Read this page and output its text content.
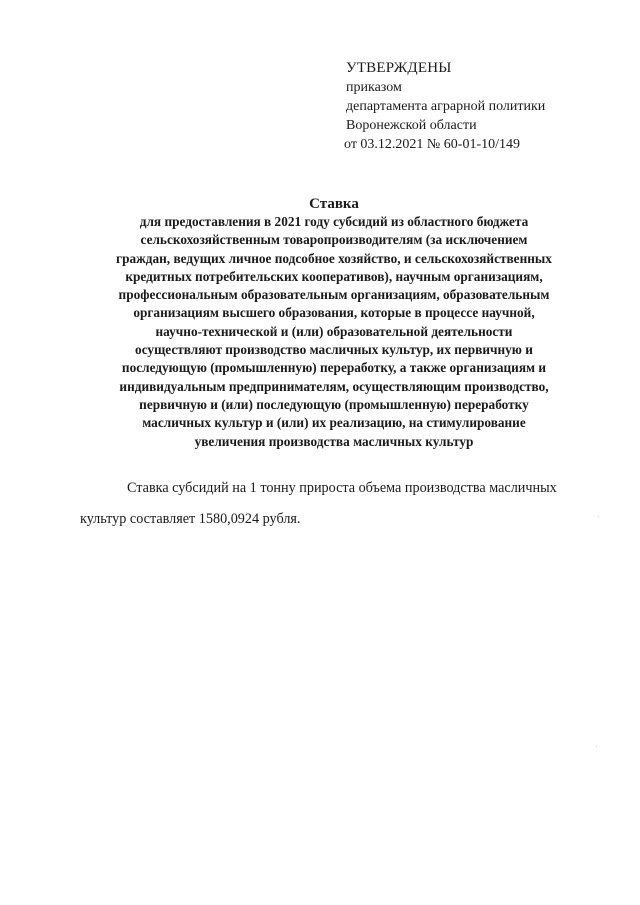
УТВЕРЖДЕНЫ

приказом

департамента аграрной политики

Воронежской области

от 03.12.2021 № 60-01-10/149

Ставка

для предоставления в 2021 году субсидий из областного бюджета

сельскохозяйственным товаропроизводителям (за исключением

граждан, ведущих личное подсобное хозяйство, и сельскохозяйственных

кредитных потребительских кооперативов), научным организациям,

профессиональным образовательным организациям, образовательным

организациям высшего образования, которые в процессе научной,

научно-технической и (или) образовательной деятельности

осуществляют производство масличных культур, их первичную и

последующую (промышленную) переработку, а также организациям и

индивидуальным предпринимателям, осуществляющим производство,

первичную и (или) последующую (промышленную) переработку

масличных культур и (или) их реализацию, на стимулирование

увеличения производства масличных культур

Ставка субсидий на 1 тонну прироста объема производства масличных

культур составляет 1580,0924 рубля.
